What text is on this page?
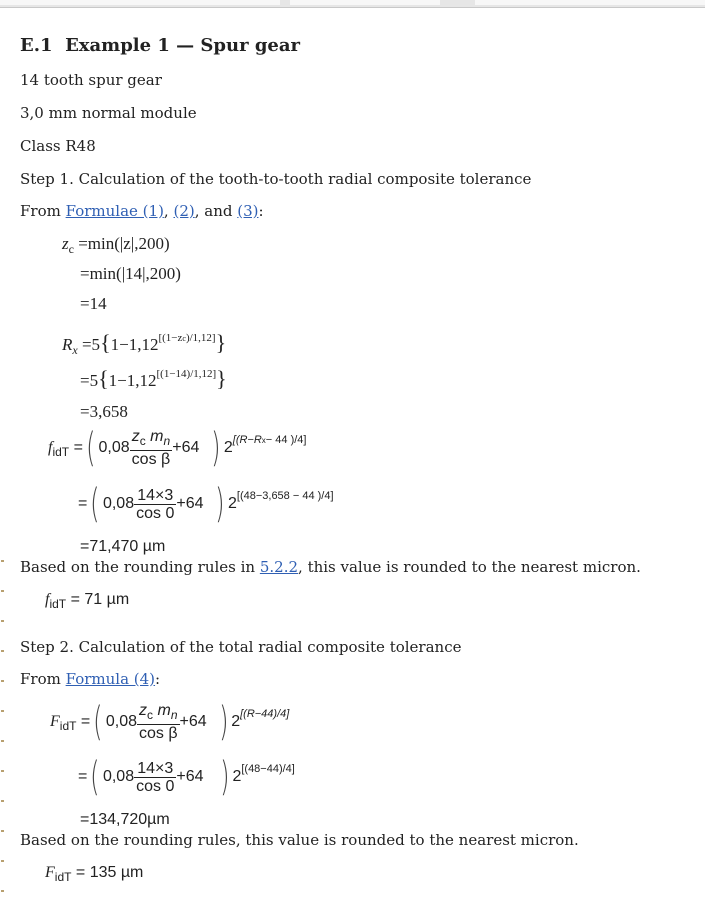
E.1 Example 1 — Spur gear
14 tooth spur gear
3,0 mm normal module
Class R48
Step 1. Calculation of the tooth-to-tooth radial composite tolerance
From Formulae (1), (2), and (3):
$z_c =\min(|z|,200)$
=min(|14|,200)
=14
$R_x =5\{1-1,12[(1-zc)/1,12]\}$
=5{1−1,12[(1−14)/1,12]}
=3,658
$f_{idT}$ =( $0,08 \frac{z_c m_n}{\text{cos β}} +64$ ) 2[(R−Rx− 44 )/4]
=( $0,08 \frac{14\times 3}{\cos 0} +64$ ) 2[(48−3,658 − 44 )/4]
=71,470 µm
Based on the rounding rules in 5.2.2, this value is rounded to the nearest micron.
$f_{idT} = 71$ µm
Step 2. Calculation of the total radial composite tolerance
From Formula (4):
$F_{idT}$ =( $0,08 \frac{z_c m_n}{\text{cos β}} +64$ ) 2[(R−44)/4]
=( $0,08 \frac{14\times 3}{\cos 0} +64$ ) 2[(48−44)/4]
=134,720µm
Based on the rounding rules, this value is rounded to the nearest micron.
$F_{idT} = 135$ µm
